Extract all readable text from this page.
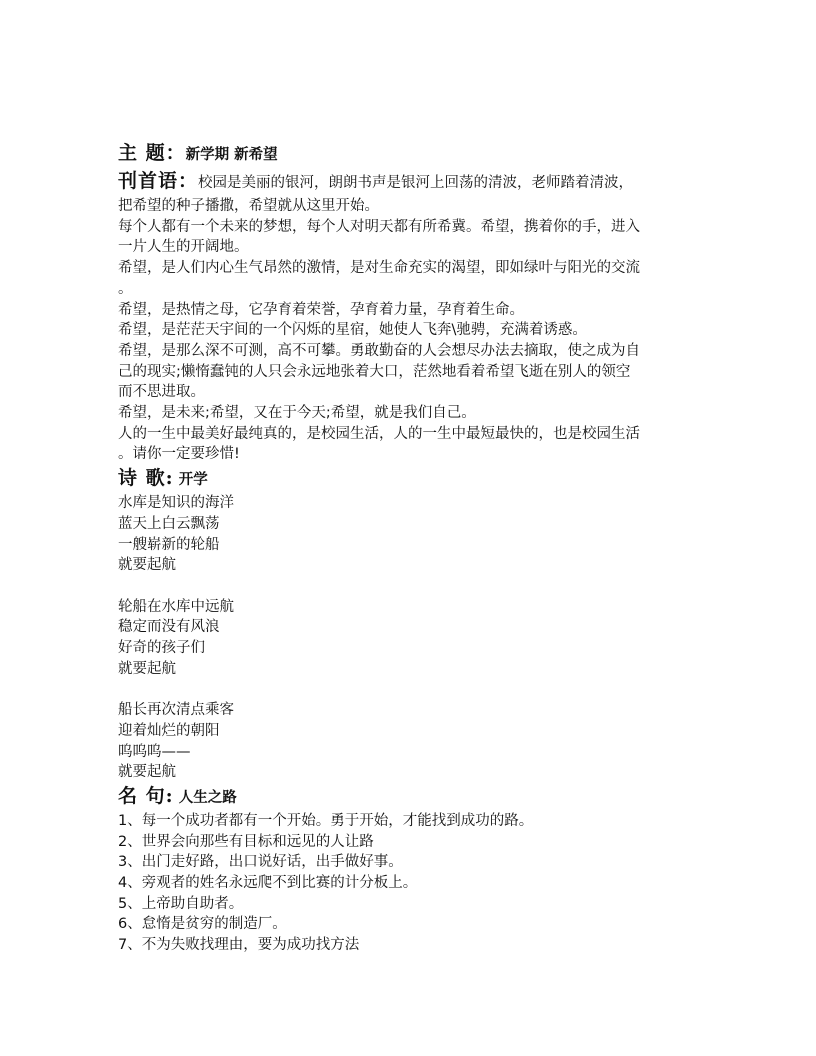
主 题：新学期 新希望
刊首语：校园是美丽的银河，朗朗书声是银河上回荡的清波，老师踏着清波，
把希望的种子播撒，希望就从这里开始。
每个人都有一个未来的梦想，每个人对明天都有所希冀。希望，携着你的手，进入
一片人生的开阔地。
希望，是人们内心生气昂然的激情，是对生命充实的渴望，即如绿叶与阳光的交流
。
希望，是热情之母，它孕育着荣誉，孕育着力量，孕育着生命。
希望，是茫茫天宇间的一个闪烁的星宿，她使人飞奔\驰骋，充满着诱惑。
希望，是那么深不可测，高不可攀。勇敢勤奋的人会想尽办法去摘取，使之成为自
己的现实;懒惰蠢钝的人只会永远地张着大口，茫然地看着希望飞逝在别人的领空
而不思进取。
希望，是未来;希望，又在于今天;希望，就是我们自己。
人的一生中最美好最纯真的，是校园生活，人的一生中最短最快的，也是校园生活
。请你一定要珍惜!
诗 歌: 开学
水库是知识的海洋
蓝天上白云飘荡
一艘崭新的轮船
就要起航
轮船在水库中远航
稳定而没有风浪
好奇的孩子们
就要起航
船长再次清点乘客
迎着灿烂的朝阳
呜呜呜——
就要起航
名 句: 人生之路
1、每一个成功者都有一个开始。勇于开始，才能找到成功的路。
2、世界会向那些有目标和远见的人让路
3、出门走好路，出口说好话，出手做好事。
4、旁观者的姓名永远爬不到比赛的计分板上。
5、上帝助自助者。
6、怠惰是贫穷的制造厂。
7、不为失败找理由，要为成功找方法
